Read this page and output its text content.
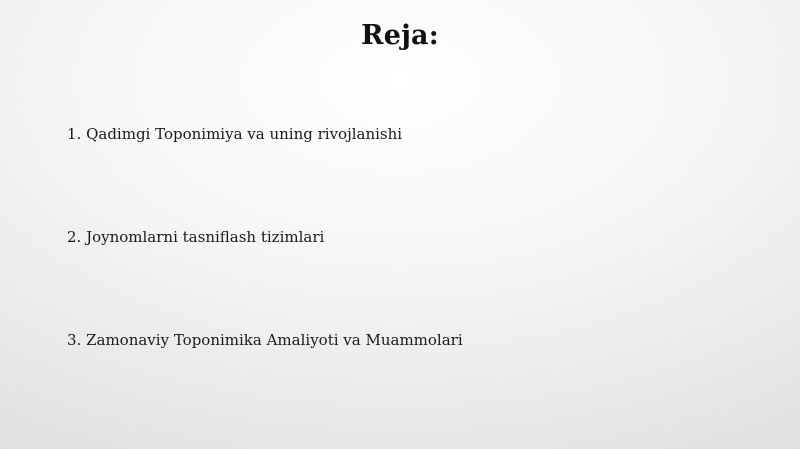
Reja:
1. Qadimgi Toponimiya va uning rivojlanishi
2. Joynomlarni tasniflash tizimlari
3. Zamonaviy Toponimika Amaliyoti va Muammolari
